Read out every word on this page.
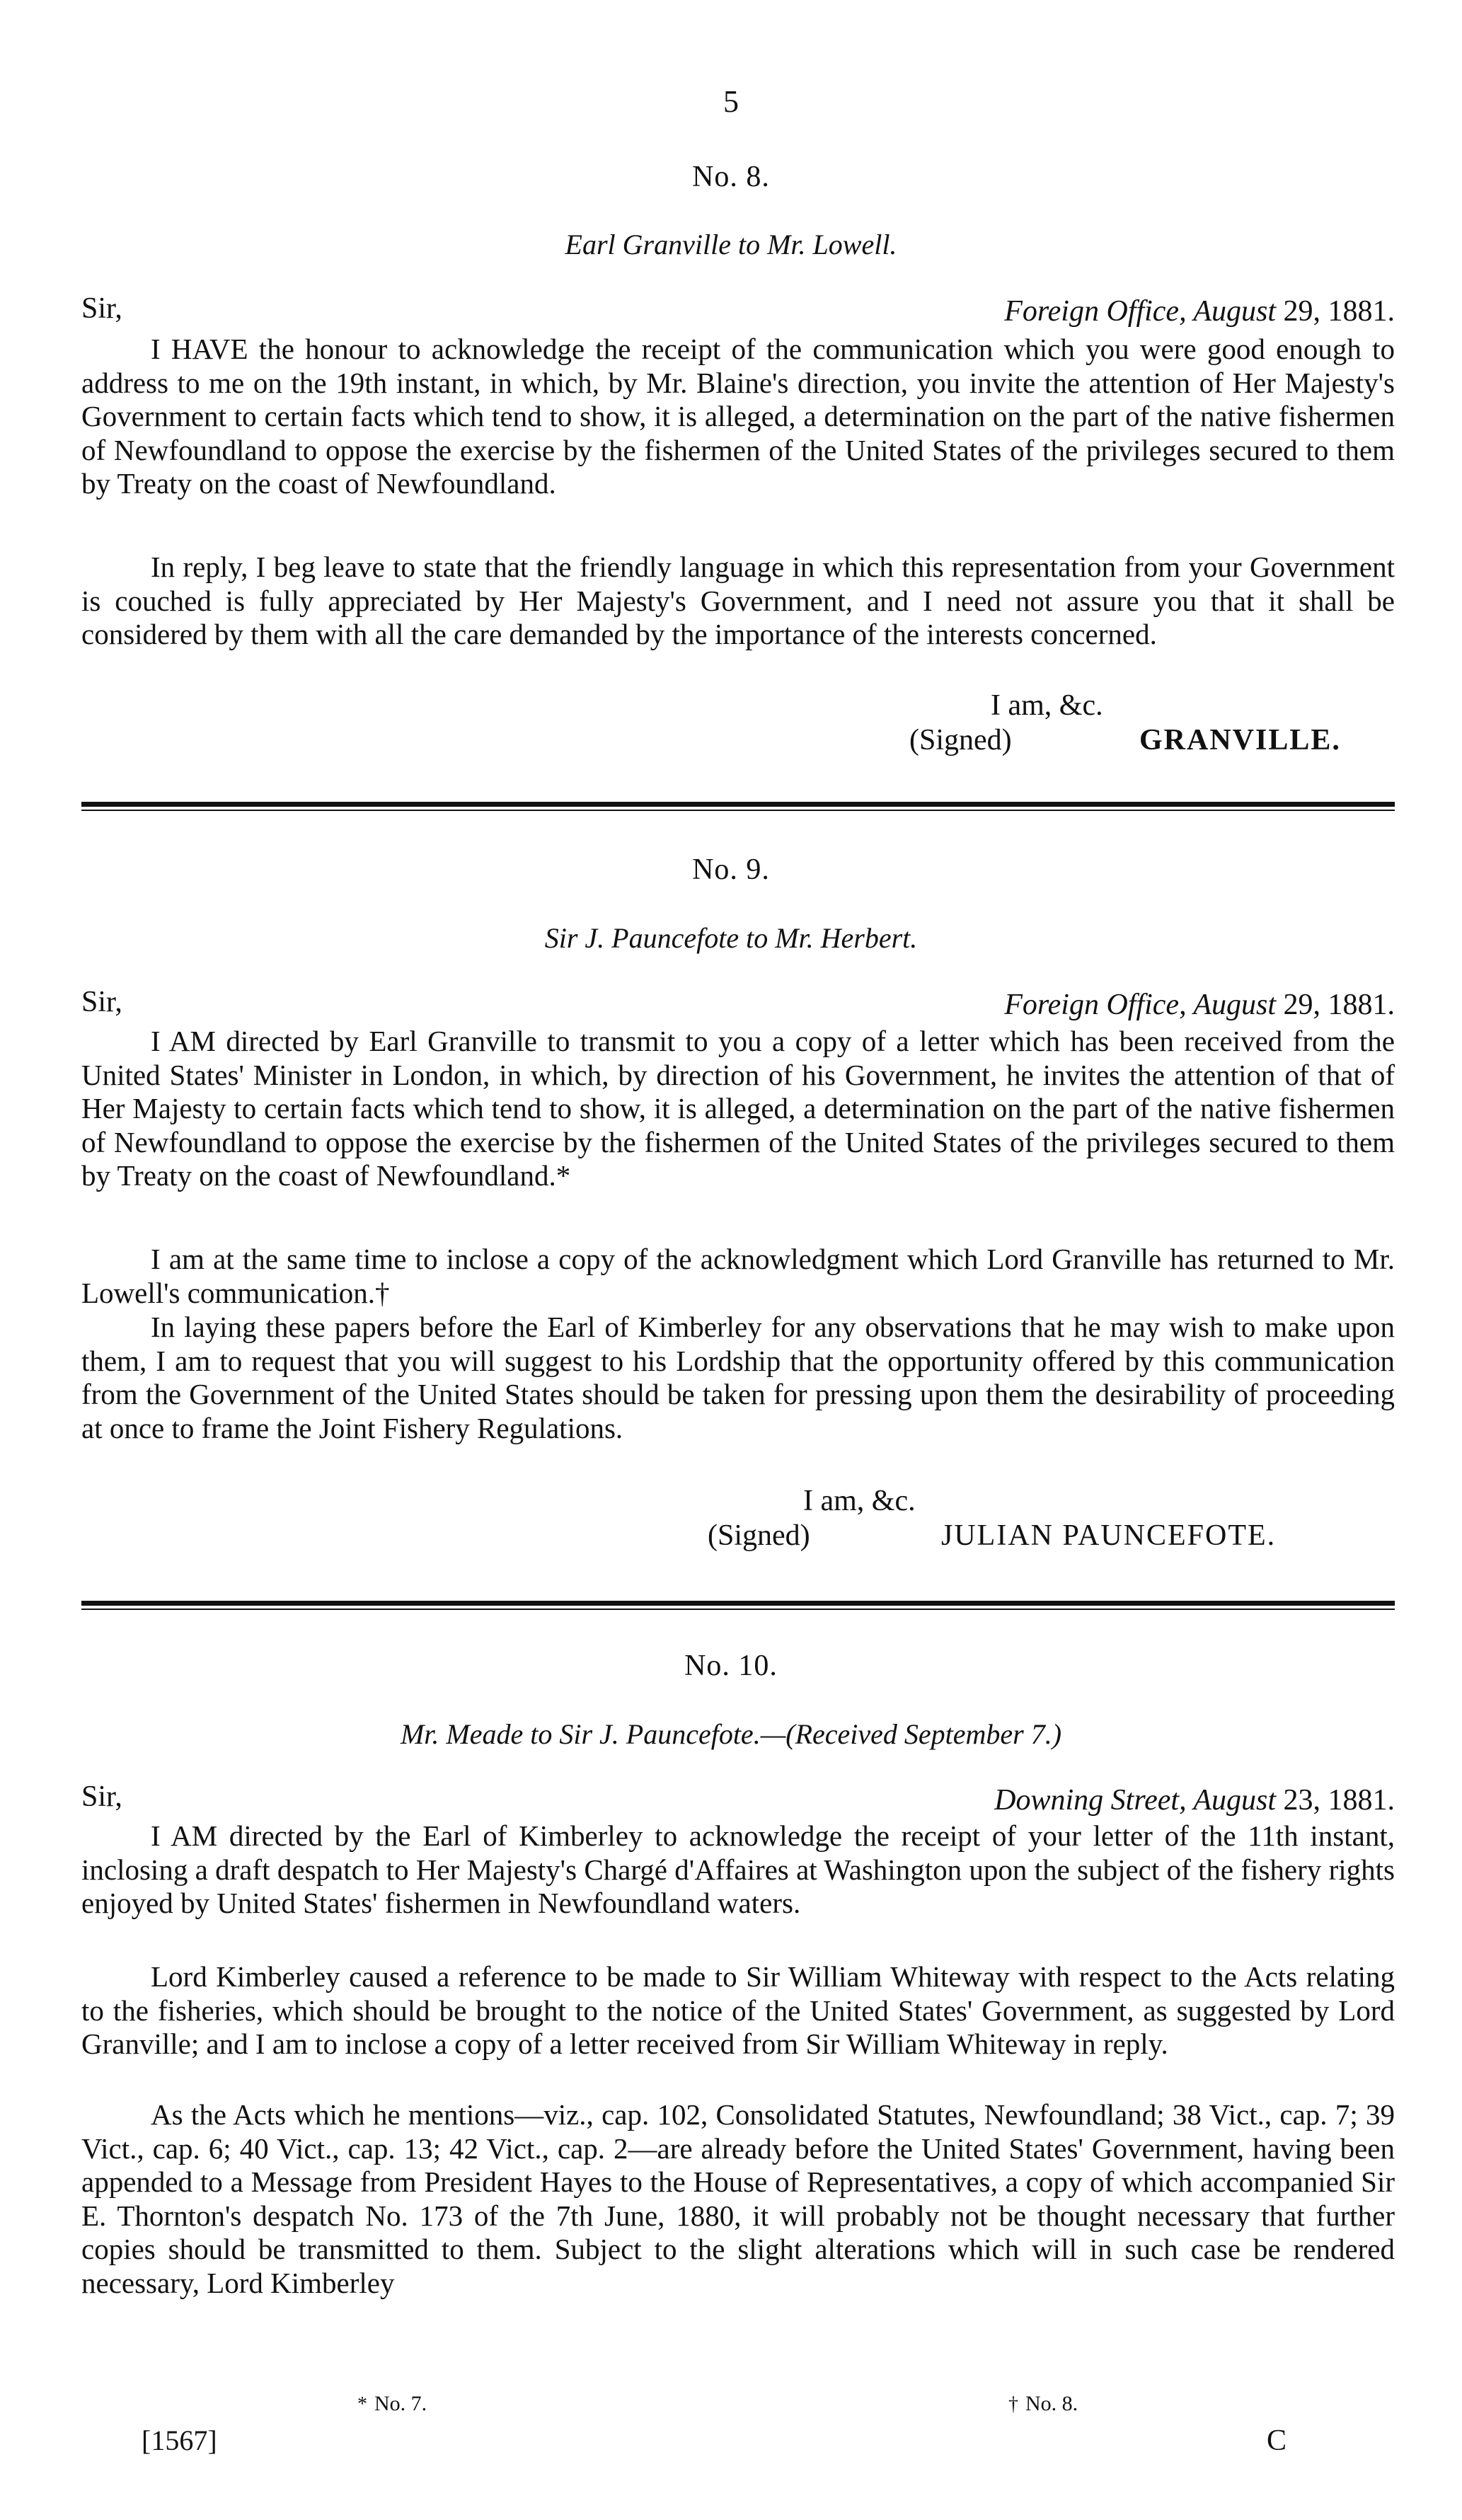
5
No. 8.
Earl Granville to Mr. Lowell.
Sir,	Foreign Office, August 29, 1881.

I HAVE the honour to acknowledge the receipt of the communication which you were good enough to address to me on the 19th instant, in which, by Mr. Blaine's direction, you invite the attention of Her Majesty's Government to certain facts which tend to show, it is alleged, a determination on the part of the native fishermen of Newfoundland to oppose the exercise by the fishermen of the United States of the privileges secured to them by Treaty on the coast of Newfoundland.

In reply, I beg leave to state that the friendly language in which this representation from your Government is couched is fully appreciated by Her Majesty's Government, and I need not assure you that it shall be considered by them with all the care demanded by the importance of the interests concerned.

I am, &c.
(Signed)	GRANVILLE.
No. 9.
Sir J. Pauncefote to Mr. Herbert.
Sir,	Foreign Office, August 29, 1881.

I AM directed by Earl Granville to transmit to you a copy of a letter which has been received from the United States' Minister in London, in which, by direction of his Government, he invites the attention of that of Her Majesty to certain facts which tend to show, it is alleged, a determination on the part of the native fishermen of Newfoundland to oppose the exercise by the fishermen of the United States of the privileges secured to them by Treaty on the coast of Newfoundland.*

I am at the same time to inclose a copy of the acknowledgment which Lord Granville has returned to Mr. Lowell's communication.†

In laying these papers before the Earl of Kimberley for any observations that he may wish to make upon them, I am to request that you will suggest to his Lordship that the opportunity offered by this communication from the Government of the United States should be taken for pressing upon them the desirability of proceeding at once to frame the Joint Fishery Regulations.

I am, &c.
(Signed)	JULIAN PAUNCEFOTE.
No. 10.
Mr. Meade to Sir J. Pauncefote.—(Received September 7.)
Sir,	Downing Street, August 23, 1881.

I AM directed by the Earl of Kimberley to acknowledge the receipt of your letter of the 11th instant, inclosing a draft despatch to Her Majesty's Chargé d'Affaires at Washington upon the subject of the fishery rights enjoyed by United States' fishermen in Newfoundland waters.

Lord Kimberley caused a reference to be made to Sir William Whiteway with respect to the Acts relating to the fisheries, which should be brought to the notice of the United States' Government, as suggested by Lord Granville; and I am to inclose a copy of a letter received from Sir William Whiteway in reply.

As the Acts which he mentions—viz., cap. 102, Consolidated Statutes, Newfoundland; 38 Vict., cap. 7; 39 Vict., cap. 6; 40 Vict., cap. 13; 42 Vict., cap. 2—are already before the United States' Government, having been appended to a Message from President Hayes to the House of Representatives, a copy of which accompanied Sir E. Thornton's despatch No. 173 of the 7th June, 1880, it will probably not be thought necessary that further copies should be transmitted to them. Subject to the slight alterations which will in such case be rendered necessary, Lord Kimberley

* No. 7.	† No. 8.
[1567]	C
